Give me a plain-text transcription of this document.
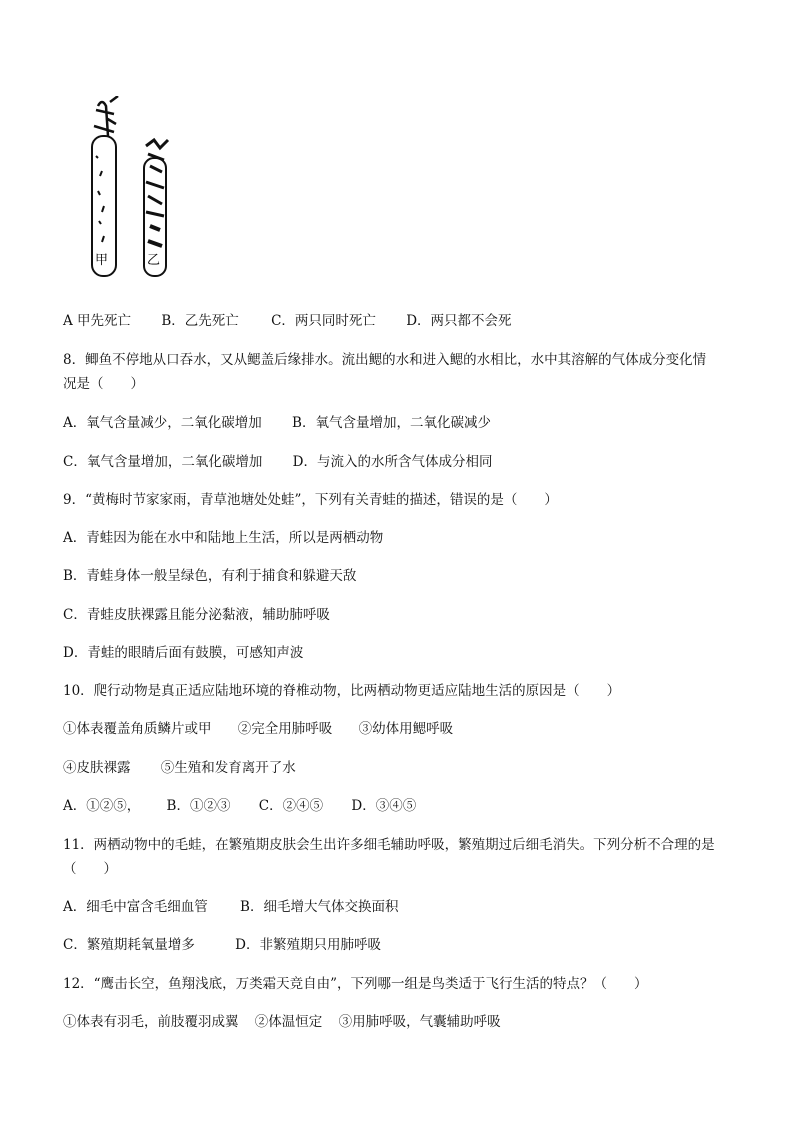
甲	乙
A 甲先死亡 B．乙先死亡 C．两只同时死亡 D．两只都不会死
8．鲫鱼不停地从口吞水，又从鳃盖后缘排水。流出鳃的水和进入鳃的水相比，水中其溶解的气体成分变化情
况是（　　）
A．氧气含量减少，二氧化碳增加 B．氧气含量增加，二氧化碳减少
C．氧气含量增加，二氧化碳增加 D．与流入的水所含气体成分相同
9．“黄梅时节家家雨，青草池塘处处蛙”，下列有关青蛙的描述，错误的是（　　）
A．青蛙因为能在水中和陆地上生活，所以是两栖动物
B．青蛙身体一般呈绿色，有利于捕食和躲避天敌
C．青蛙皮肤裸露且能分泌黏液，辅助肺呼吸
D．青蛙的眼睛后面有鼓膜，可感知声波
10．爬行动物是真正适应陆地环境的脊椎动物，比两栖动物更适应陆地生活的原因是（　　）
①体表覆盖角质鳞片或甲 ②完全用肺呼吸 ③幼体用鳃呼吸
④皮肤裸露 ⑤生殖和发育离开了水
A．①②⑤， B．①②③ C．②④⑤ D．③④⑤
11．两栖动物中的毛蛙，在繁殖期皮肤会生出许多细毛辅助呼吸，繁殖期过后细毛消失。下列分析不合理的是
（　　）
A．细毛中富含毛细血管 B．细毛增大气体交换面积
C．繁殖期耗氧量增多	D．非繁殖期只用肺呼吸
12．“鹰击长空，鱼翔浅底，万类霜天竞自由”，下列哪一组是鸟类适于飞行生活的特点？（　　）
①体表有羽毛，前肢覆羽成翼 ②体温恒定 ③用肺呼吸，气囊辅助呼吸
